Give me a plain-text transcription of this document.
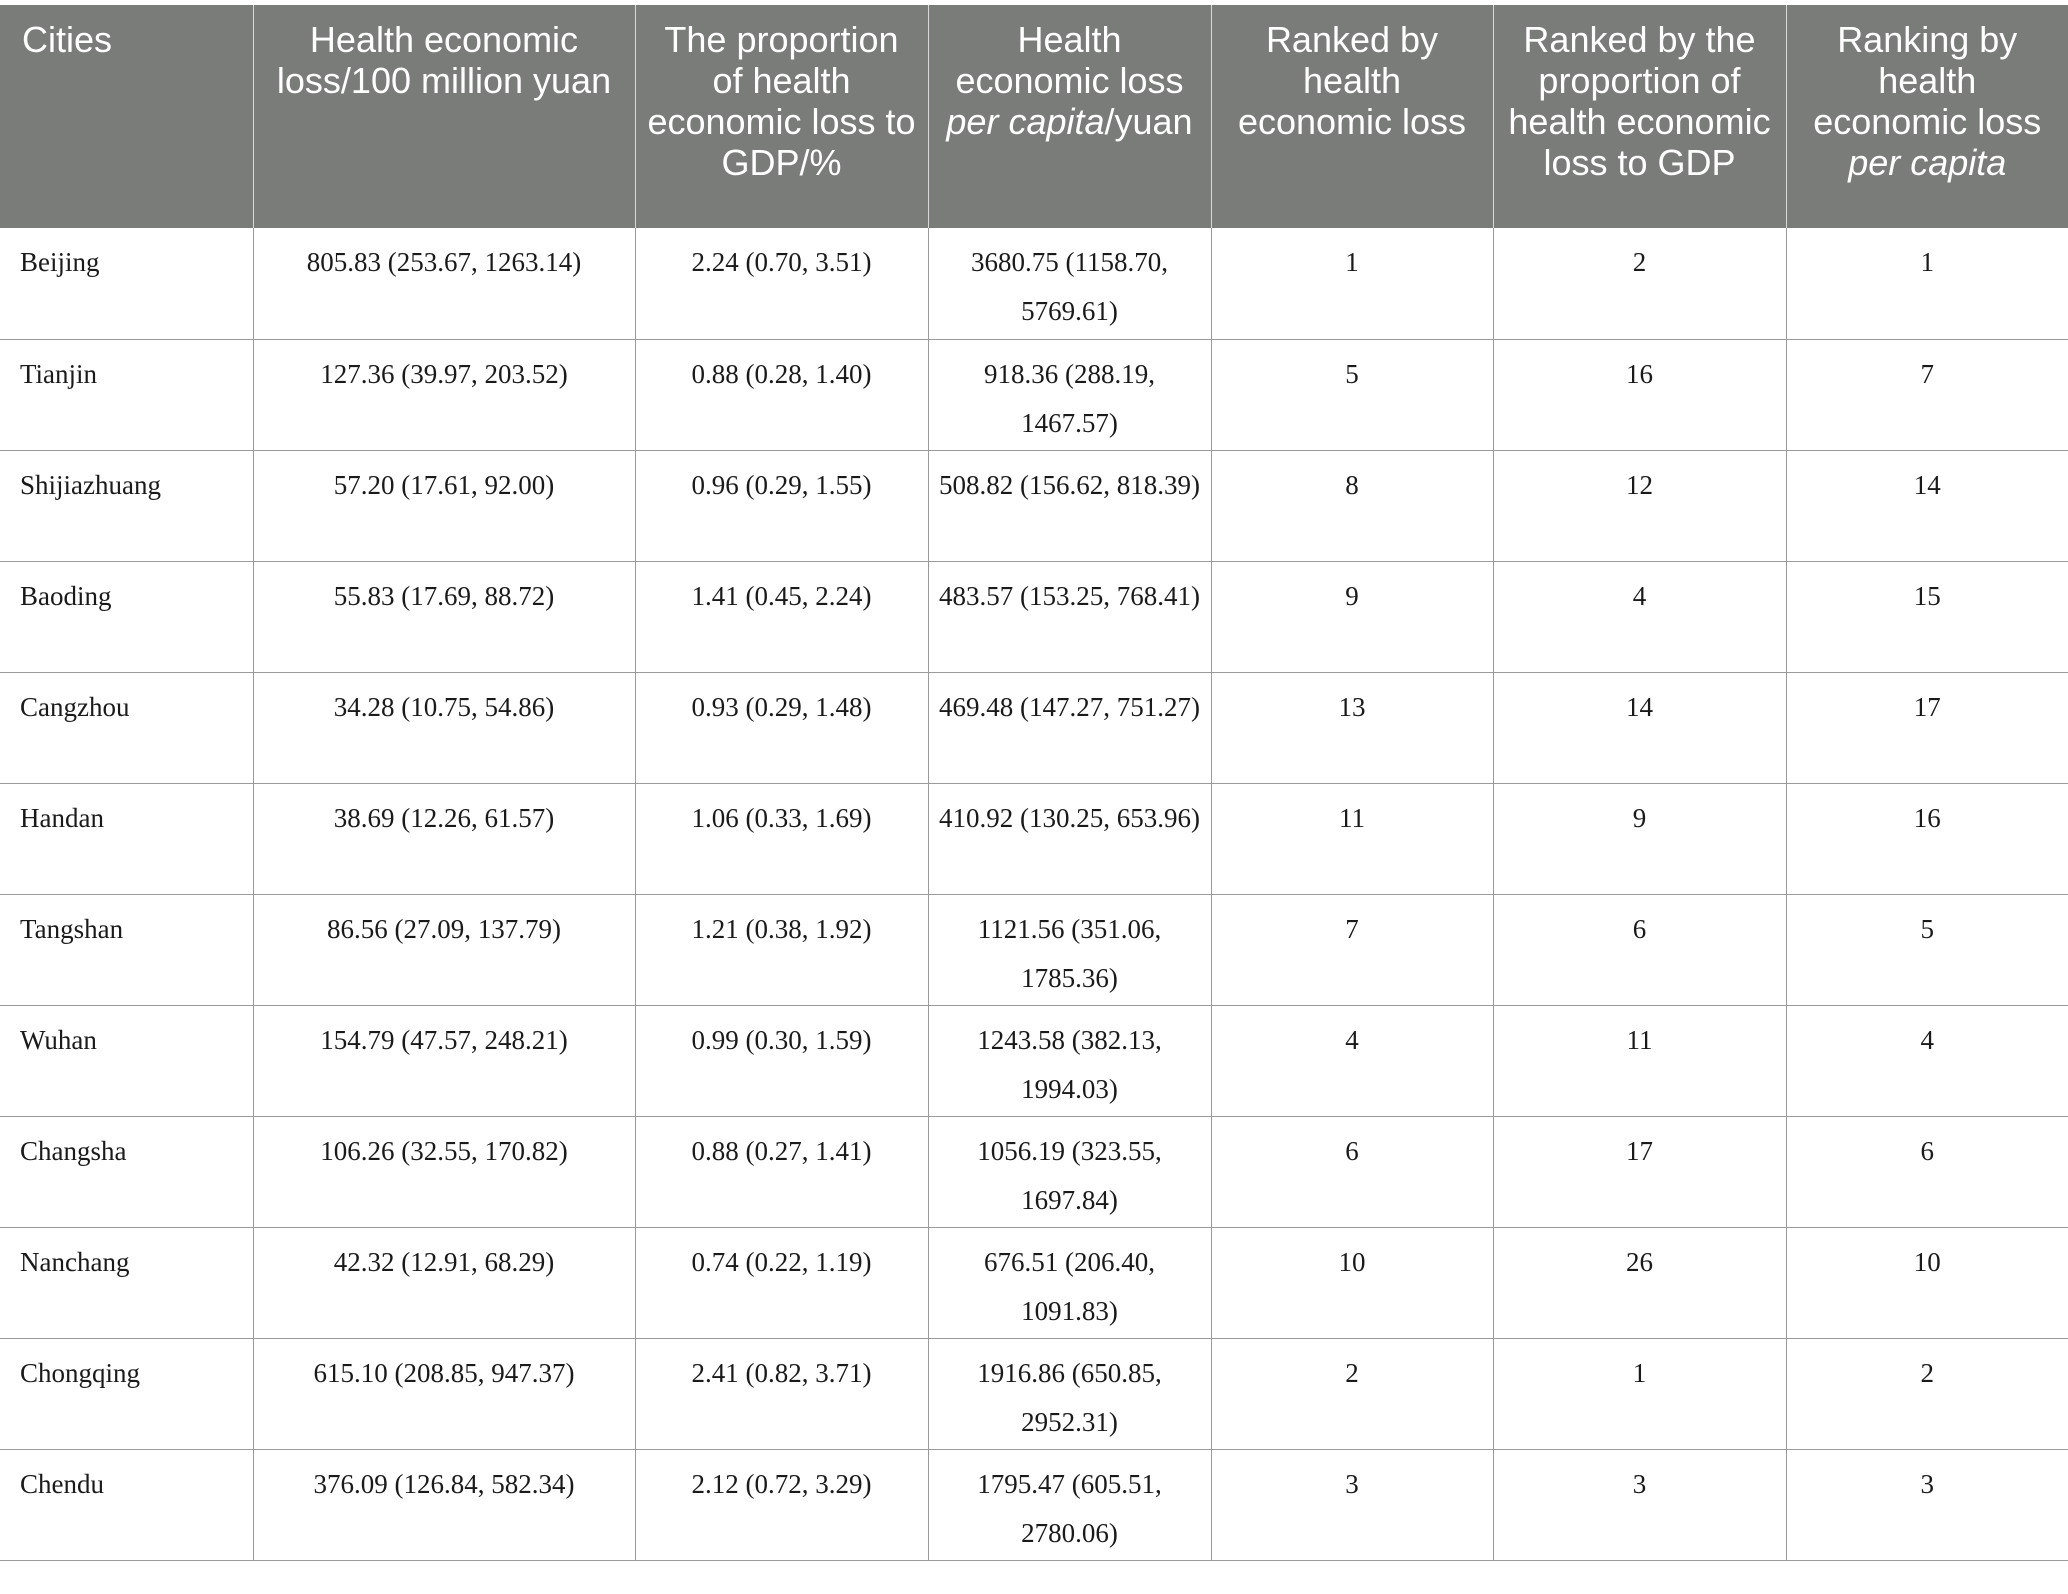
Cities	Health economic loss/100 million yuan	The proportion of health economic loss to GDP/%	Health economic loss per capita/yuan	Ranked by health economic loss	Ranked by the proportion of health economic loss to GDP	Ranking by health economic loss per capita
Beijing	805.83 (253.67, 1263.14)	2.24 (0.70, 3.51)	3680.75 (1158.70, 5769.61)	1	2	1
Tianjin	127.36 (39.97, 203.52)	0.88 (0.28, 1.40)	918.36 (288.19, 1467.57)	5	16	7
Shijiazhuang	57.20 (17.61, 92.00)	0.96 (0.29, 1.55)	508.82 (156.62, 818.39)	8	12	14
Baoding	55.83 (17.69, 88.72)	1.41 (0.45, 2.24)	483.57 (153.25, 768.41)	9	4	15
Cangzhou	34.28 (10.75, 54.86)	0.93 (0.29, 1.48)	469.48 (147.27, 751.27)	13	14	17
Handan	38.69 (12.26, 61.57)	1.06 (0.33, 1.69)	410.92 (130.25, 653.96)	11	9	16
Tangshan	86.56 (27.09, 137.79)	1.21 (0.38, 1.92)	1121.56 (351.06, 1785.36)	7	6	5
Wuhan	154.79 (47.57, 248.21)	0.99 (0.30, 1.59)	1243.58 (382.13, 1994.03)	4	11	4
Changsha	106.26 (32.55, 170.82)	0.88 (0.27, 1.41)	1056.19 (323.55, 1697.84)	6	17	6
Nanchang	42.32 (12.91, 68.29)	0.74 (0.22, 1.19)	676.51 (206.40, 1091.83)	10	26	10
Chongqing	615.10 (208.85, 947.37)	2.41 (0.82, 3.71)	1916.86 (650.85, 2952.31)	2	1	2
Chendu	376.09 (126.84, 582.34)	2.12 (0.72, 3.29)	1795.47 (605.51, 2780.06)	3	3	3
